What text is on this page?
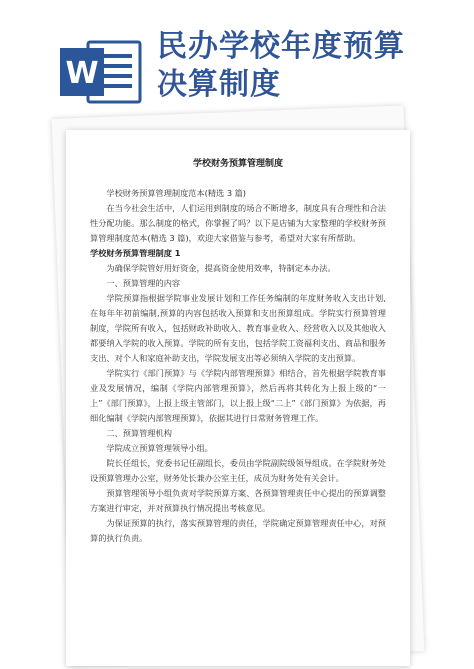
W
民办学校年度预算
决算制度
学校财务预算管理制度

学校财务预算管理制度范本(精选 3 篇)

在当今社会生活中，人们运用到制度的场合不断增多，制度具有合理性和合法性分配功能。那么制度的格式，你掌握了吗？以下是店铺为大家整理的学校财务预算管理制度范本(精选 3 篇)，欢迎大家借鉴与参考，希望对大家有所帮助。

学校财务预算管理制度 1

为确保学院管好用好资金，提高资金使用效率，特制定本办法。

一、预算管理的内容

学院预算指根据学院事业发展计划和工作任务编制的年度财务收入支出计划,在每年年初前编制,预算的内容包括收入预算和支出预算组成。学院实行预算管理制度，学院所有收入，包括财政补助收入、教育事业收入、经营收入以及其他收入都要纳入学院的收入预算。学院的所有支出，包括学院工资福利支出、商品和服务支出、对个人和家庭补助支出，学院发展支出等必须纳入学院的支出预算。

学院实行《部门预算》与《学院内部管理预算》相结合，首先根据学院教育事业及发展情况，编制《学院内部管理预算》，然后再将其转化为上报上级的“一上”《部门预算》，上报上级主管部门，以上报上级“二上”《部门预算》为依据，再细化编制《学院内部管理预算》，依据其进行日常财务管理工作。

二、预算管理机构

学院成立预算管理领导小组。

院长任组长，党委书记任副组长，委员由学院副院级领导组成。在学院财务处设预算管理办公室，财务处长兼办公室主任，成员为财务处有关会计。

预算管理领导小组负责对学院预算方案、各预算管理责任中心提出的预算调整方案进行审定，并对预算执行情况提出考核意见。

为保证预算的执行，落实预算管理的责任，学院确定预算管理责任中心，对预算的执行负责。
